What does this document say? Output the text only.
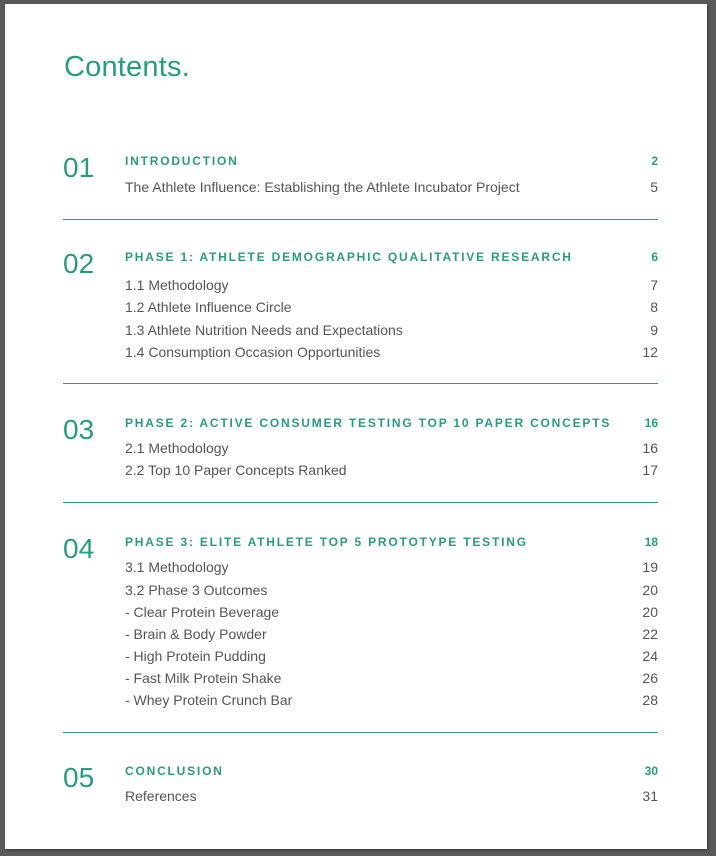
Contents.
01	INTRODUCTION	2
The Athlete Influence: Establishing the Athlete Incubator Project	5
02	PHASE 1: ATHLETE DEMOGRAPHIC QUALITATIVE RESEARCH	6
1.1 Methodology	7
1.2 Athlete Influence Circle	8
1.3 Athlete Nutrition Needs and Expectations	9
1.4 Consumption Occasion Opportunities	12
03	PHASE 2: ACTIVE CONSUMER TESTING TOP 10 PAPER CONCEPTS	16
2.1 Methodology	16
2.2 Top 10 Paper Concepts Ranked	17
04	PHASE 3: ELITE ATHLETE TOP 5 PROTOTYPE TESTING	18
3.1 Methodology	19
3.2 Phase 3 Outcomes	20
- Clear Protein Beverage	20
- Brain & Body Powder	22
- High Protein Pudding	24
- Fast Milk Protein Shake	26
- Whey Protein Crunch Bar	28
05	CONCLUSION	30
References	31
